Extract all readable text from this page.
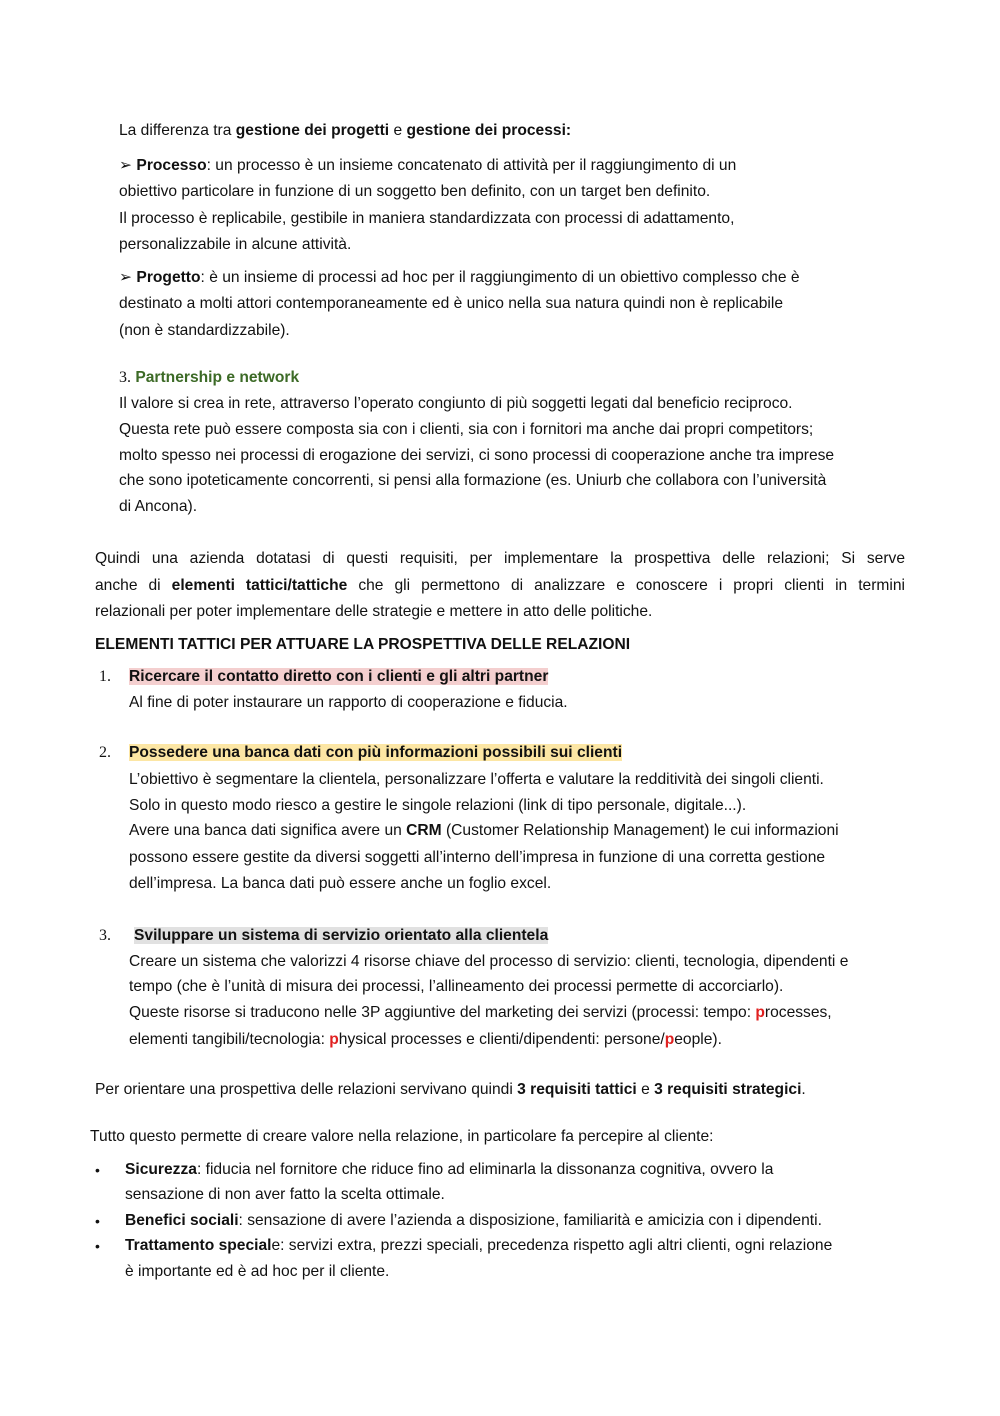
La differenza tra gestione dei progetti e gestione dei processi:
➢ Processo: un processo è un insieme concatenato di attività per il raggiungimento di un
obiettivo particolare in funzione di un soggetto ben definito, con un target ben definito.
Il processo è replicabile, gestibile in maniera standardizzata con processi di adattamento,
personalizzabile in alcune attività.
➢ Progetto: è un insieme di processi ad hoc per il raggiungimento di un obiettivo complesso che è
destinato a molti attori contemporaneamente ed è unico nella sua natura quindi non è replicabile
(non è standardizzabile).
3. Partnership e network
Il valore si crea in rete, attraverso l’operato congiunto di più soggetti legati dal beneficio reciproco.
Questa rete può essere composta sia con i clienti, sia con i fornitori ma anche dai propri competitors;
molto spesso nei processi di erogazione dei servizi, ci sono processi di cooperazione anche tra imprese
che sono ipoteticamente concorrenti, si pensi alla formazione (es. Uniurb che collabora con l’università
di Ancona).
Quindi una azienda dotatasi di questi requisiti, per implementare la prospettiva delle relazioni; Si serve
anche di elementi tattici/tattiche che gli permettono di analizzare e conoscere i propri clienti in termini
relazionali per poter implementare delle strategie e mettere in atto delle politiche.
ELEMENTI TATTICI PER ATTUARE LA PROSPETTIVA DELLE RELAZIONI
1. Ricercare il contatto diretto con i clienti e gli altri partner
Al fine di poter instaurare un rapporto di cooperazione e fiducia.
2. Possedere una banca dati con più informazioni possibili sui clienti
L’obiettivo è segmentare la clientela, personalizzare l’offerta e valutare la redditività dei singoli clienti.
Solo in questo modo riesco a gestire le singole relazioni (link di tipo personale, digitale...).
Avere una banca dati significa avere un CRM (Customer Relationship Management) le cui informazioni
possono essere gestite da diversi soggetti all’interno dell’impresa in funzione di una corretta gestione
dell’impresa. La banca dati può essere anche un foglio excel.
3. Sviluppare un sistema di servizio orientato alla clientela
Creare un sistema che valorizzi 4 risorse chiave del processo di servizio: clienti, tecnologia, dipendenti e
tempo (che è l’unità di misura dei processi, l’allineamento dei processi permette di accorciarlo).
Queste risorse si traducono nelle 3P aggiuntive del marketing dei servizi (processi: tempo: processes,
elementi tangibili/tecnologia: physical processes e clienti/dipendenti: persone/people).
Per orientare una prospettiva delle relazioni servivano quindi 3 requisiti tattici e 3 requisiti strategici.
Tutto questo permette di creare valore nella relazione, in particolare fa percepire al cliente:
• Sicurezza: fiducia nel fornitore che riduce fino ad eliminarla la dissonanza cognitiva, ovvero la
sensazione di non aver fatto la scelta ottimale.
• Benefici sociali: sensazione di avere l’azienda a disposizione, familiarità e amicizia con i dipendenti.
• Trattamento speciale: servizi extra, prezzi speciali, precedenza rispetto agli altri clienti, ogni relazione
è importante ed è ad hoc per il cliente.
